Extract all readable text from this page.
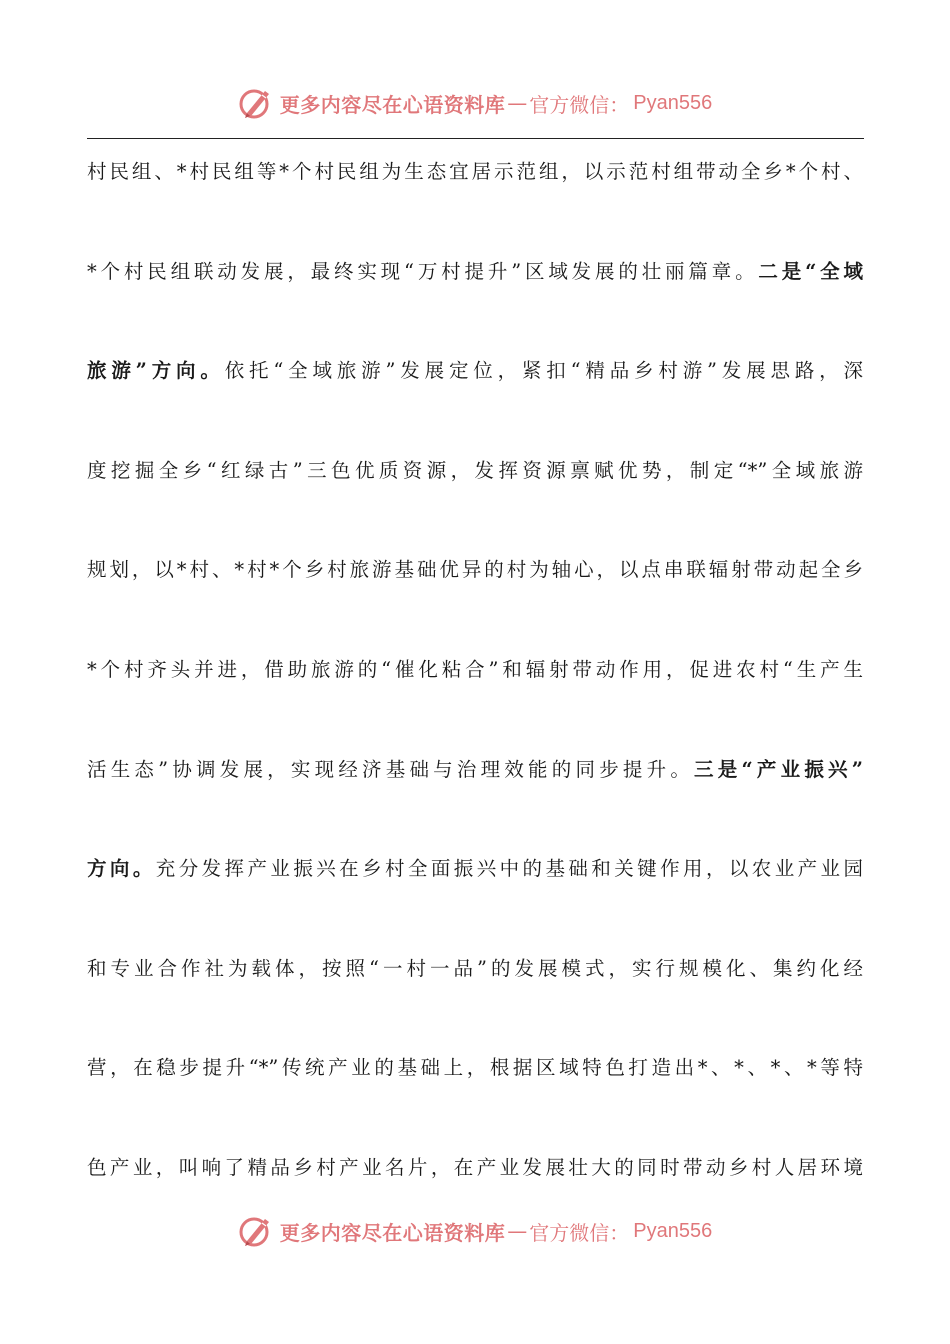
更多内容尽在心语资料库 — 官方微信： Pyan556
村民组、*村民组等*个村民组为生态宜居示范组，以示范村组带动全乡*个村、
*个村民组联动发展，最终实现“万村提升”区域发展的壮丽篇章。二是“全域
旅游”方向。依托“全域旅游”发展定位，紧扣“精品乡村游”发展思路，深
度挖掘全乡“红绿古”三色优质资源，发挥资源禀赋优势，制定“*”全域旅游
规划，以*村、*村*个乡村旅游基础优异的村为轴心，以点串联辐射带动起全乡
*个村齐头并进，借助旅游的“催化粘合”和辐射带动作用，促进农村“生产生
活生态”协调发展，实现经济基础与治理效能的同步提升。三是“产业振兴”
方向。充分发挥产业振兴在乡村全面振兴中的基础和关键作用，以农业产业园
和专业合作社为载体，按照“一村一品”的发展模式，实行规模化、集约化经
营，在稳步提升“*”传统产业的基础上，根据区域特色打造出*、*、*、*等特
色产业，叫响了精品乡村产业名片，在产业发展壮大的同时带动乡村人居环境
更多内容尽在心语资料库 — 官方微信： Pyan556
